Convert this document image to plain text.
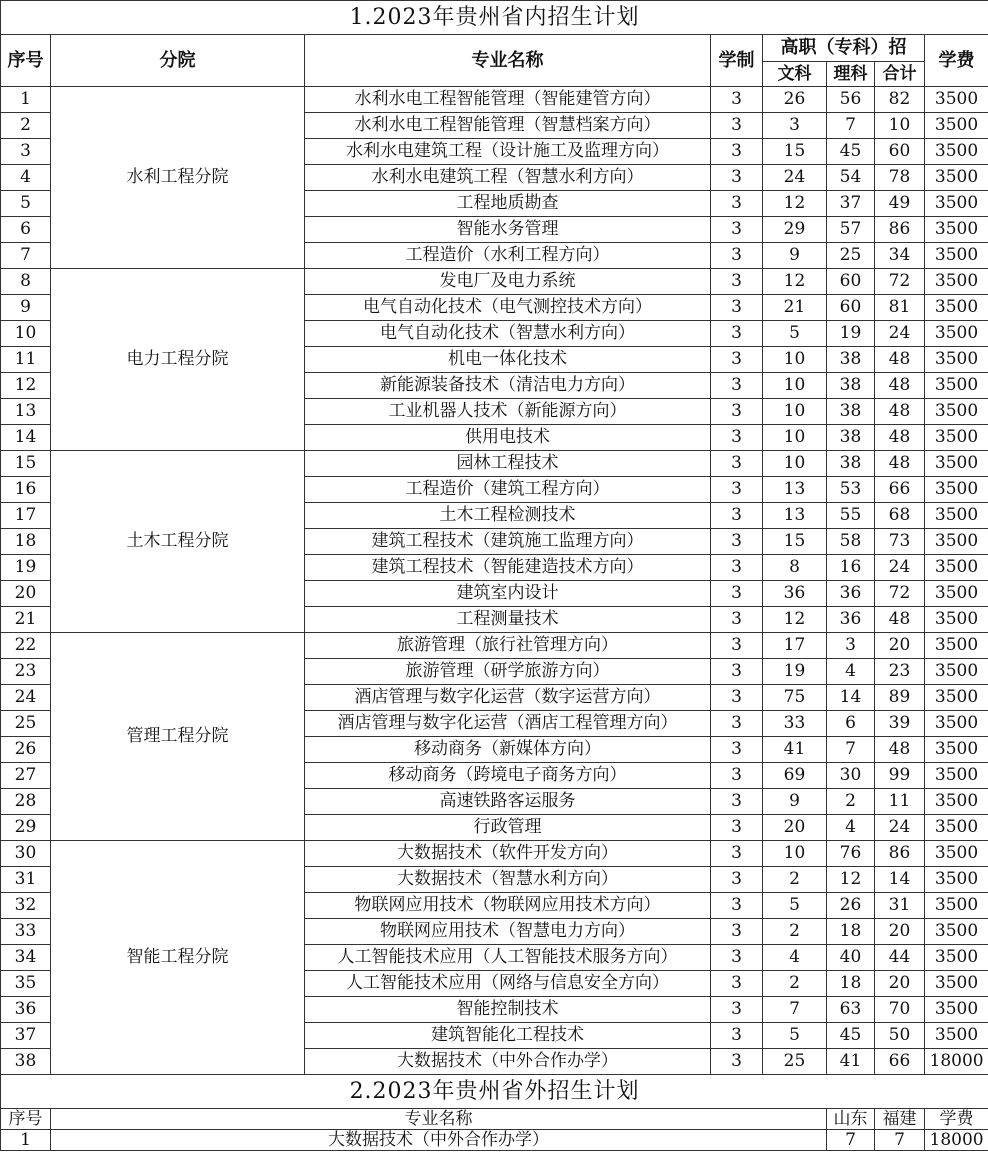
1.2023年贵州省内招生计划							
序号	分院	专业名称	学制	高职（专科）招			学费
				文科	理科	合计	
1	水利工程分院	水利水电工程智能管理（智能建管方向）	3	26	56	82	3500
2		水利水电工程智能管理（智慧档案方向）	3	3	7	10	3500
3		水利水电建筑工程（设计施工及监理方向）	3	15	45	60	3500
4		水利水电建筑工程（智慧水利方向）	3	24	54	78	3500
5		工程地质勘查	3	12	37	49	3500
6		智能水务管理	3	29	57	86	3500
7		工程造价（水利工程方向）	3	9	25	34	3500
8	电力工程分院	发电厂及电力系统	3	12	60	72	3500
9		电气自动化技术（电气测控技术方向）	3	21	60	81	3500
10		电气自动化技术（智慧水利方向）	3	5	19	24	3500
11		机电一体化技术	3	10	38	48	3500
12		新能源装备技术（清洁电力方向）	3	10	38	48	3500
13		工业机器人技术（新能源方向）	3	10	38	48	3500
14		供用电技术	3	10	38	48	3500
15	土木工程分院	园林工程技术	3	10	38	48	3500
16		工程造价（建筑工程方向）	3	13	53	66	3500
17		土木工程检测技术	3	13	55	68	3500
18		建筑工程技术（建筑施工监理方向）	3	15	58	73	3500
19		建筑工程技术（智能建造技术方向）	3	8	16	24	3500
20		建筑室内设计	3	36	36	72	3500
21		工程测量技术	3	12	36	48	3500
22	管理工程分院	旅游管理（旅行社管理方向）	3	17	3	20	3500
23		旅游管理（研学旅游方向）	3	19	4	23	3500
24		酒店管理与数字化运营（数字运营方向）	3	75	14	89	3500
25		酒店管理与数字化运营（酒店工程管理方向）	3	33	6	39	3500
26		移动商务（新媒体方向）	3	41	7	48	3500
27		移动商务（跨境电子商务方向）	3	69	30	99	3500
28		高速铁路客运服务	3	9	2	11	3500
29		行政管理	3	20	4	24	3500
30	智能工程分院	大数据技术（软件开发方向）	3	10	76	86	3500
31		大数据技术（智慧水利方向）	3	2	12	14	3500
32		物联网应用技术（物联网应用技术方向）	3	5	26	31	3500
33		物联网应用技术（智慧电力方向）	3	2	18	20	3500
34		人工智能技术应用（人工智能技术服务方向）	3	4	40	44	3500
35		人工智能技术应用（网络与信息安全方向）	3	2	18	20	3500
36		智能控制技术	3	7	63	70	3500
37		建筑智能化工程技术	3	5	45	50	3500
38		大数据技术（中外合作办学）	3	25	41	66	18000
2.2023年贵州省外招生计划							
序号	专业名称				山东	福建	学费
1	大数据技术（中外合作办学）				7	7	18000
